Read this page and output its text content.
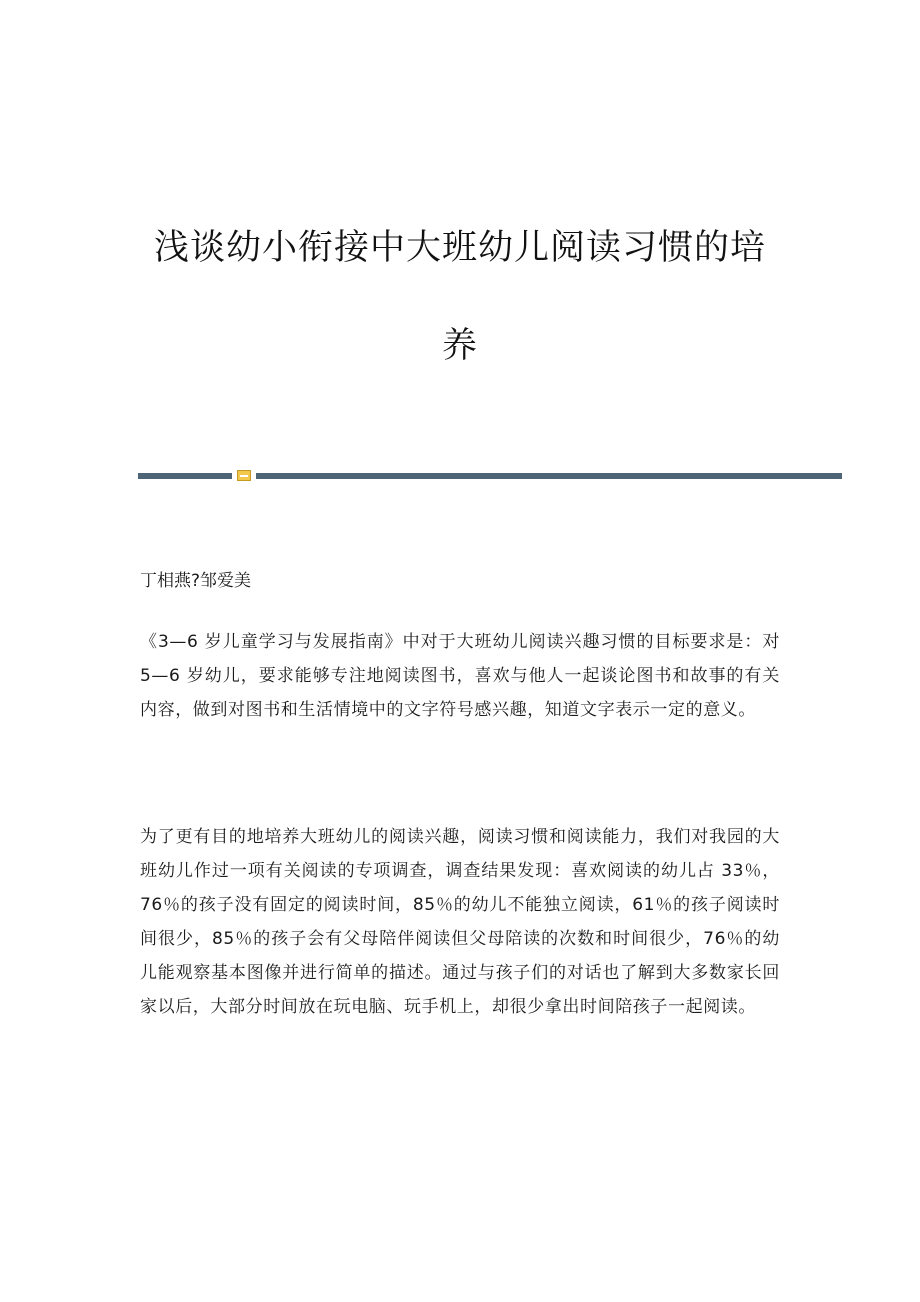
浅谈幼小衔接中大班幼儿阅读习惯的培
养

丁相燕?邹爱美

《3—6 岁儿童学习与发展指南》中对于大班幼儿阅读兴趣习惯的目标要求是：对 5—6 岁幼儿，要求能够专注地阅读图书，喜欢与他人一起谈论图书和故事的有关内容，做到对图书和生活情境中的文字符号感兴趣，知道文字表示一定的意义。

为了更有目的地培养大班幼儿的阅读兴趣，阅读习惯和阅读能力，我们对我园的大班幼儿作过一项有关阅读的专项调查，调查结果发现：喜欢阅读的幼儿占 33％，76％的孩子没有固定的阅读时间，85％的幼儿不能独立阅读，61％的孩子阅读时间很少，85％的孩子会有父母陪伴阅读但父母陪读的次数和时间很少，76％的幼儿能观察基本图像并进行简单的描述。通过与孩子们的对话也了解到大多数家长回家以后，大部分时间放在玩电脑、玩手机上，却很少拿出时间陪孩子一起阅读。
